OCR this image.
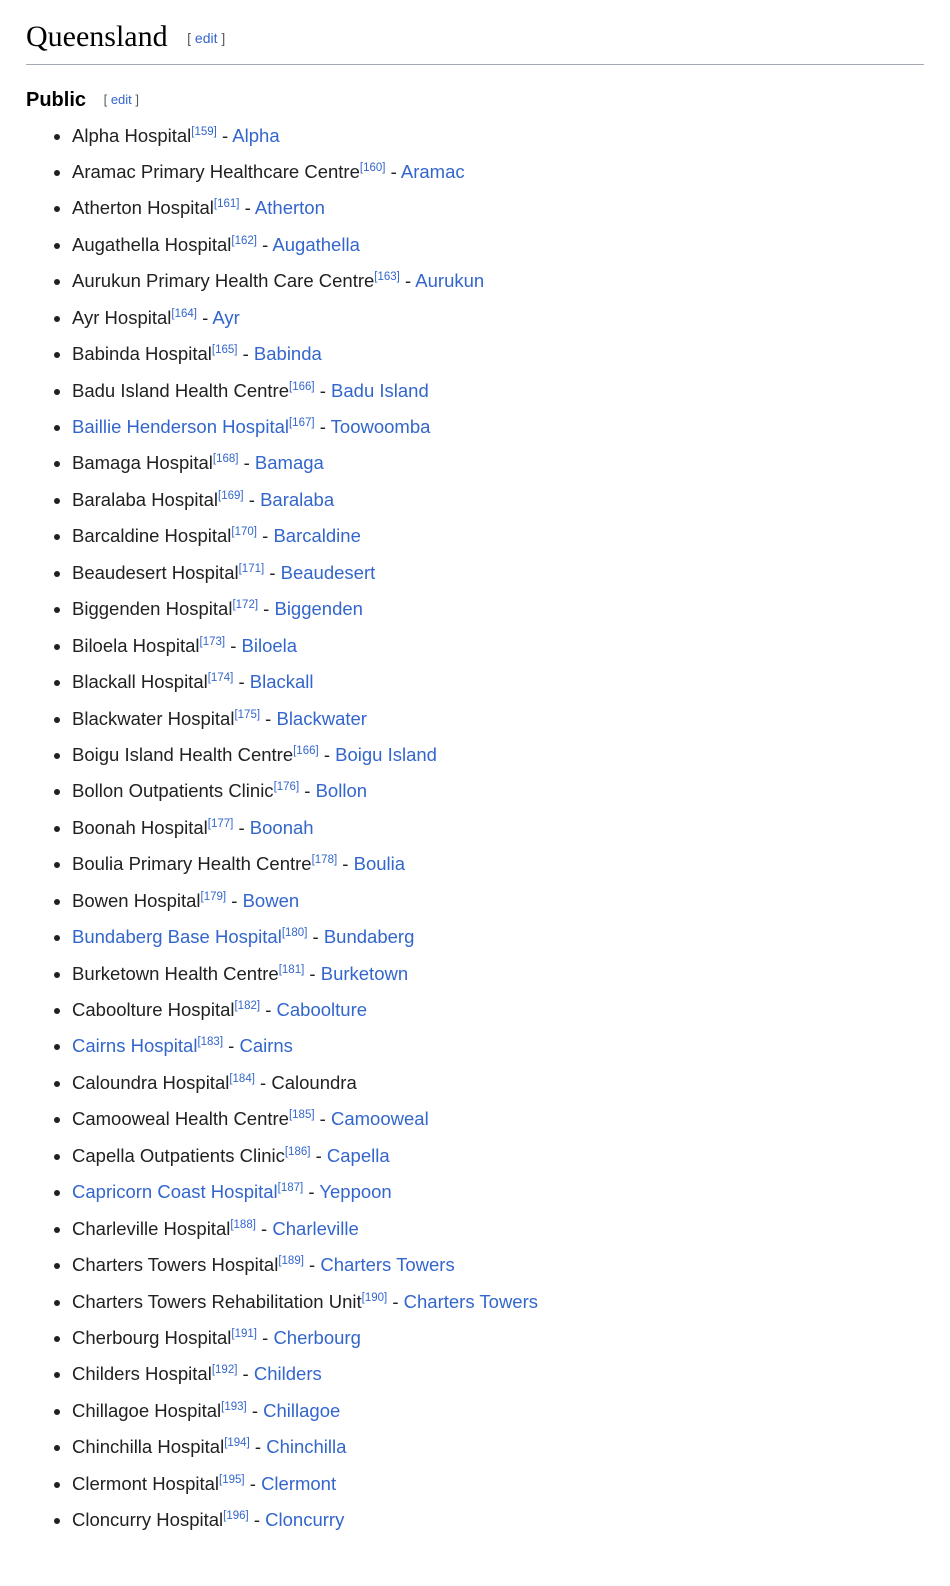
Queensland [ edit ]
Public [ edit ]
• Alpha Hospital[159] - Alpha
• Aramac Primary Healthcare Centre[160] - Aramac
• Atherton Hospital[161] - Atherton
• Augathella Hospital[162] - Augathella
• Aurukun Primary Health Care Centre[163] - Aurukun
• Ayr Hospital[164] - Ayr
• Babinda Hospital[165] - Babinda
• Badu Island Health Centre[166] - Badu Island
• Baillie Henderson Hospital[167] - Toowoomba
• Bamaga Hospital[168] - Bamaga
• Baralaba Hospital[169] - Baralaba
• Barcaldine Hospital[170] - Barcaldine
• Beaudesert Hospital[171] - Beaudesert
• Biggenden Hospital[172] - Biggenden
• Biloela Hospital[173] - Biloela
• Blackall Hospital[174] - Blackall
• Blackwater Hospital[175] - Blackwater
• Boigu Island Health Centre[166] - Boigu Island
• Bollon Outpatients Clinic[176] - Bollon
• Boonah Hospital[177] - Boonah
• Boulia Primary Health Centre[178] - Boulia
• Bowen Hospital[179] - Bowen
• Bundaberg Base Hospital[180] - Bundaberg
• Burketown Health Centre[181] - Burketown
• Caboolture Hospital[182] - Caboolture
• Cairns Hospital[183] - Cairns
• Caloundra Hospital[184] - Caloundra
• Camooweal Health Centre[185] - Camooweal
• Capella Outpatients Clinic[186] - Capella
• Capricorn Coast Hospital[187] - Yeppoon
• Charleville Hospital[188] - Charleville
• Charters Towers Hospital[189] - Charters Towers
• Charters Towers Rehabilitation Unit[190] - Charters Towers
• Cherbourg Hospital[191] - Cherbourg
• Childers Hospital[192] - Childers
• Chillagoe Hospital[193] - Chillagoe
• Chinchilla Hospital[194] - Chinchilla
• Clermont Hospital[195] - Clermont
• Cloncurry Hospital[196] - Cloncurry
